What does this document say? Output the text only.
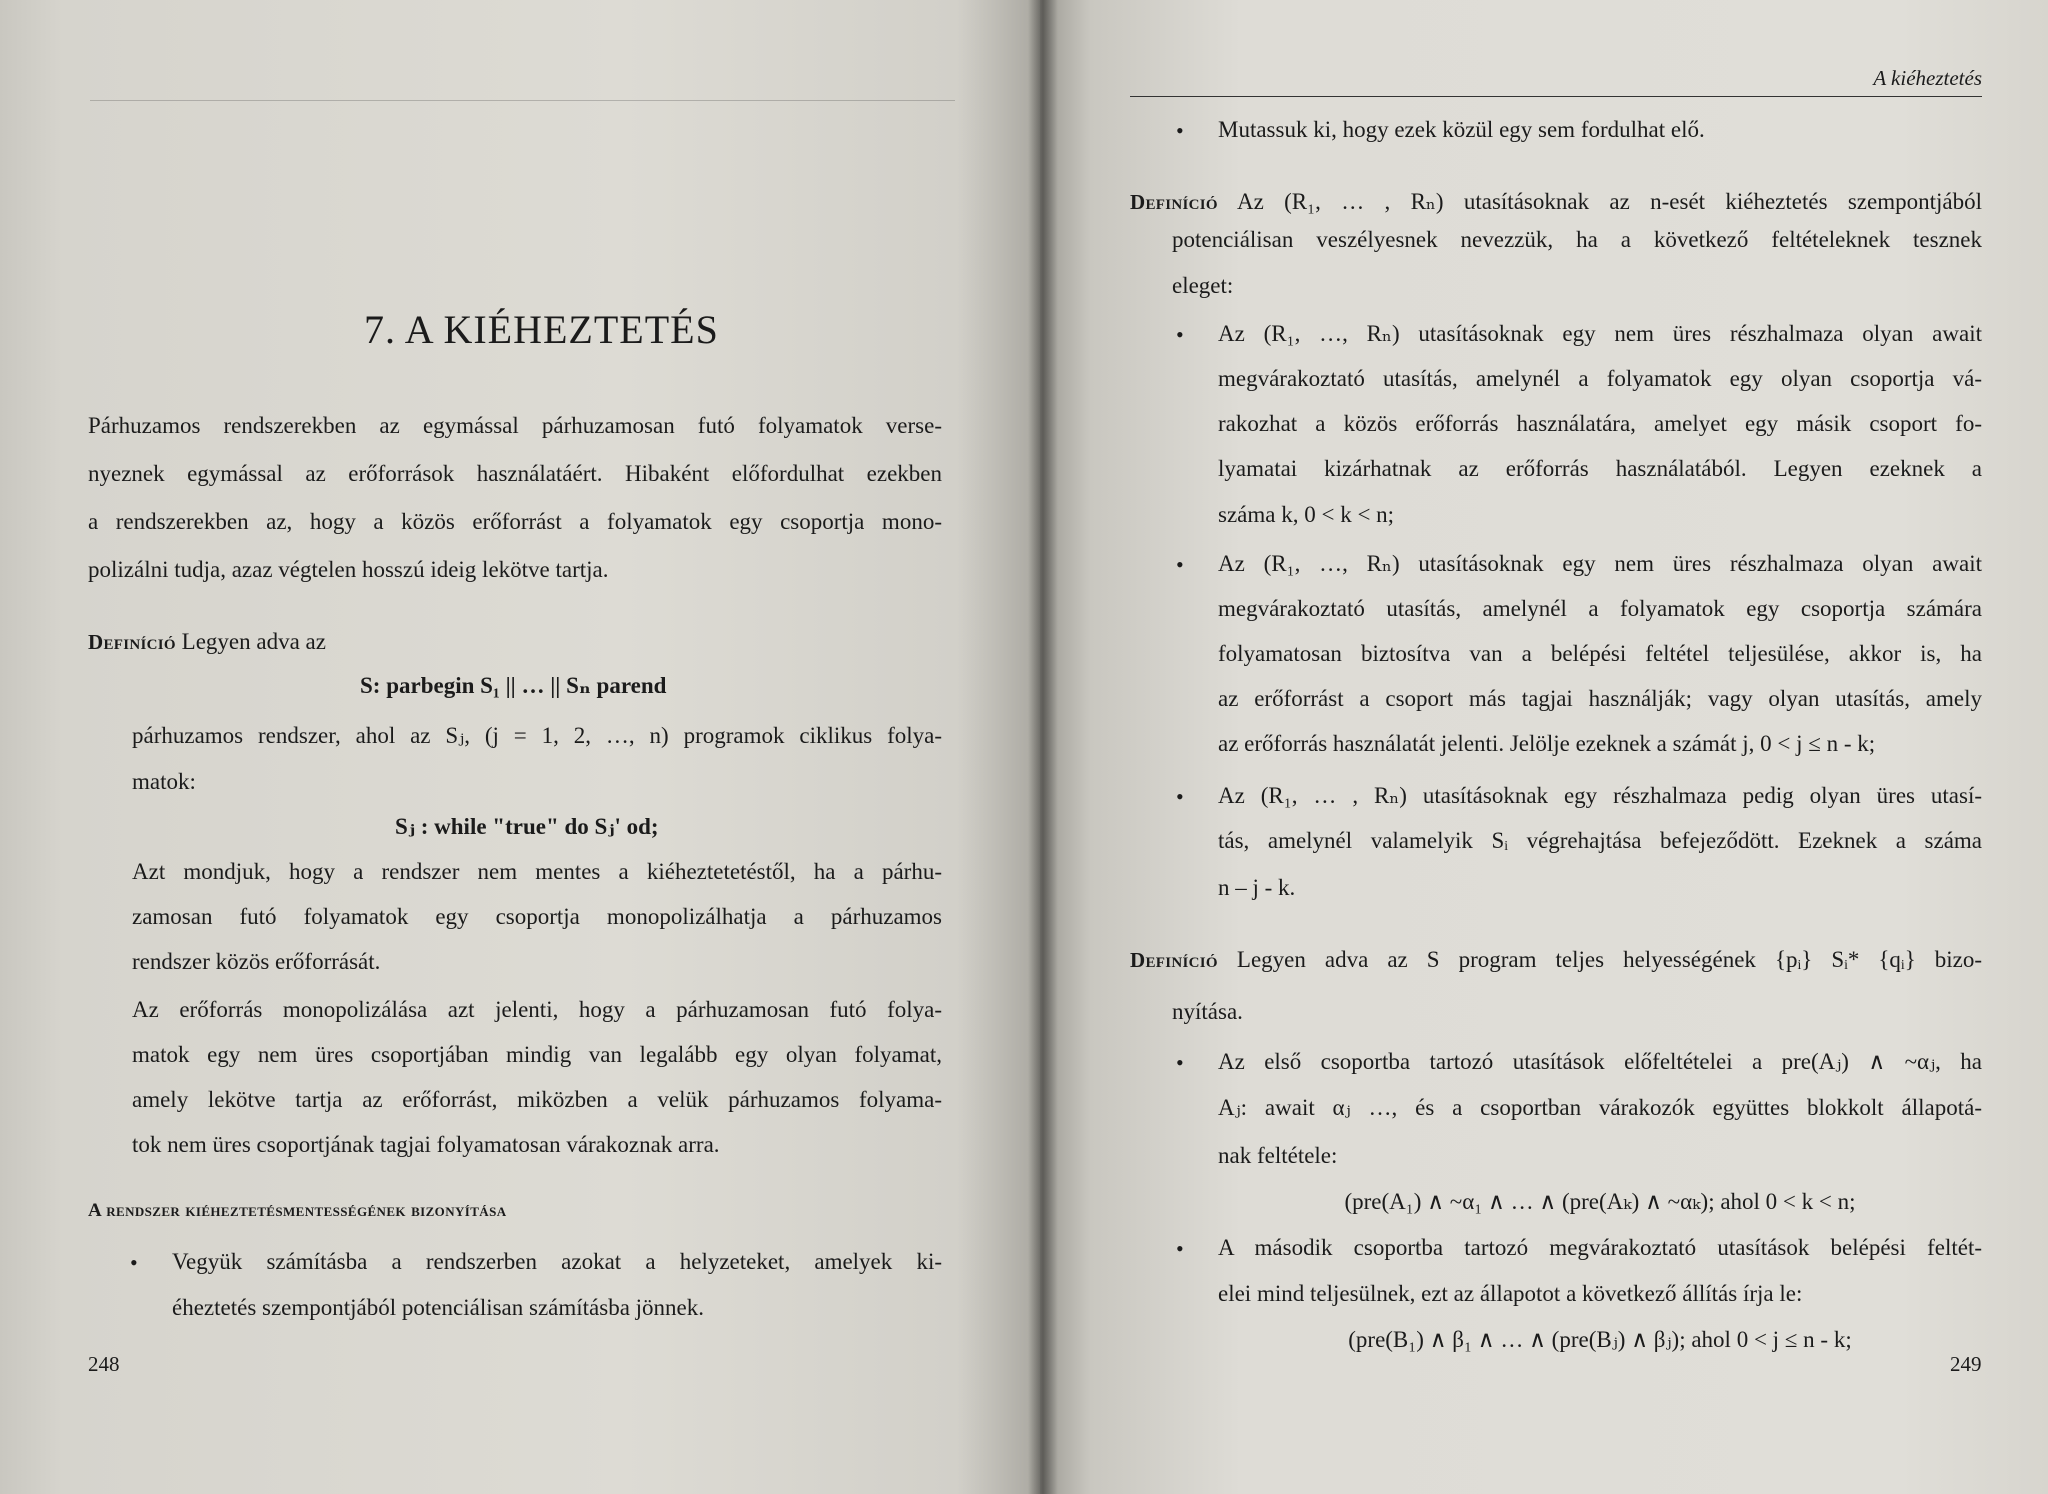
7. A KIÉHEZTETÉS
Párhuzamos rendszerekben az egymással párhuzamosan futó folyamatok verse-
nyeznek egymással az erőforrások használatáért. Hibaként előfordulhat ezekben
a rendszerekben az, hogy a közös erőforrást a folyamatok egy csoportja mono-
polizálni tudja, azaz végtelen hosszú ideig lekötve tartja.
Definíció Legyen adva az
S: parbegin S₁ || … || Sₙ parend
párhuzamos rendszer, ahol az Sⱼ, (j = 1, 2, …, n) programok ciklikus folya-
matok:
Sⱼ : while "true" do Sⱼ' od;
Azt mondjuk, hogy a rendszer nem mentes a kiéheztetetéstől, ha a párhu-
zamosan futó folyamatok egy csoportja monopolizálhatja a párhuzamos
rendszer közös erőforrását.
Az erőforrás monopolizálása azt jelenti, hogy a párhuzamosan futó folya-
matok egy nem üres csoportjában mindig van legalább egy olyan folyamat,
amely lekötve tartja az erőforrást, miközben a velük párhuzamos folyama-
tok nem üres csoportjának tagjai folyamatosan várakoznak arra.
A rendszer kiéheztetésmentességének bizonyítása
• Vegyük számításba a rendszerben azokat a helyzeteket, amelyek ki-
éheztetés szempontjából potenciálisan számításba jönnek.
248
A kiéheztetés
• Mutassuk ki, hogy ezek közül egy sem fordulhat elő.
Definíció Az (R₁, … , Rₙ) utasításoknak az n-esét kiéheztetés szempontjából
potenciálisan veszélyesnek nevezzük, ha a következő feltételeknek tesznek
eleget:
• Az (R₁, …, Rₙ) utasításoknak egy nem üres részhalmaza olyan await
megvárakoztató utasítás, amelynél a folyamatok egy olyan csoportja vá-
rakozhat a közös erőforrás használatára, amelyet egy másik csoport fo-
lyamatai kizárhatnak az erőforrás használatából. Legyen ezeknek a
száma k, 0 < k < n;
• Az (R₁, …, Rₙ) utasításoknak egy nem üres részhalmaza olyan await
megvárakoztató utasítás, amelynél a folyamatok egy csoportja számára
folyamatosan biztosítva van a belépési feltétel teljesülése, akkor is, ha
az erőforrást a csoport más tagjai használják; vagy olyan utasítás, amely
az erőforrás használatát jelenti. Jelölje ezeknek a számát j, 0 < j ≤ n - k;
• Az (R₁, … , Rₙ) utasításoknak egy részhalmaza pedig olyan üres utasí-
tás, amelynél valamelyik Sᵢ végrehajtása befejeződött. Ezeknek a száma
n – j - k.
Definíció Legyen adva az S program teljes helyességének {pᵢ} Sᵢ* {qᵢ} bizo-
nyítása.
• Az első csoportba tartozó utasítások előfeltételei a pre(Aⱼ) ∧ ~αⱼ, ha
Aⱼ: await αⱼ …, és a csoportban várakozók együttes blokkolt állapotá-
nak feltétele:
(pre(A₁) ∧ ~α₁ ∧ … ∧ (pre(Aₖ) ∧ ~αₖ); ahol 0 < k < n;
• A második csoportba tartozó megvárakoztató utasítások belépési feltét-
elei mind teljesülnek, ezt az állapotot a következő állítás írja le:
(pre(B₁) ∧ β₁ ∧ … ∧ (pre(Bⱼ) ∧ βⱼ); ahol 0 < j ≤ n - k;
249
